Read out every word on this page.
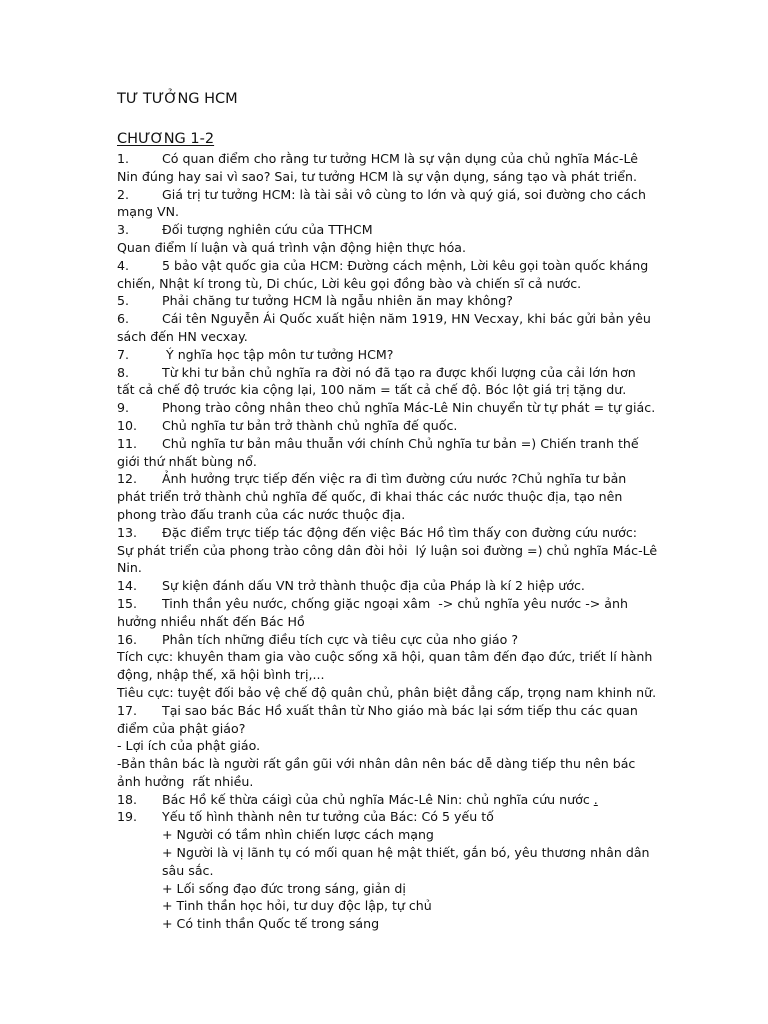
TƯ TƯỞNG HCM
CHƯƠNG 1-2
1.	Có quan điểm cho rằng tư tưởng HCM là sự vận dụng của chủ nghĩa Mác-Lê
Nin đúng hay sai vì sao? Sai, tư tưởng HCM là sự vận dụng, sáng tạo và phát triển.
2.	Giá trị tư tưởng HCM: là tài sải vô cùng to lớn và quý giá, soi đường cho cách
mạng VN.
3.	Đối tượng nghiên cứu của TTHCM
Quan điểm lí luận và quá trình vận động hiện thực hóa.
4.	5 bảo vật quốc gia của HCM: Đường cách mệnh, Lời kêu gọi toàn quốc kháng
chiến, Nhật kí trong tù, Di chúc, Lời kêu gọi đồng bào và chiến sĩ cả nước.
5.	Phải chăng tư tưởng HCM là ngẫu nhiên ăn may không?
6.	Cái tên Nguyễn Ái Quốc xuất hiện năm 1919, HN Vecxay, khi bác gửi bản yêu
sách đến HN vecxay.
7.	Ý nghĩa học tập môn tư tưởng HCM?
8.	Từ khi tư bản chủ nghĩa ra đời nó đã tạo ra được khối lượng của cải lớn hơn
tất cả chế độ trước kia cộng lại, 100 năm = tất cả chế độ. Bóc lột giá trị tặng dư.
9.	Phong trào công nhân theo chủ nghĩa Mác-Lê Nin chuyển từ tự phát = tự giác.
10. Chủ nghĩa tư bản trở thành chủ nghĩa đế quốc.
11. Chủ nghĩa tư bản mâu thuẫn với chính Chủ nghĩa tư bản =) Chiến tranh thế
giới thứ nhất bùng nổ.
12. Ảnh hưởng trực tiếp đến việc ra đi tìm đường cứu nước ?Chủ nghĩa tư bản
phát triển trở thành chủ nghĩa đế quốc, đi khai thác các nước thuộc địa, tạo nên
phong trào đấu tranh của các nước thuộc địa.
13. Đặc điểm trực tiếp tác động đến việc Bác Hồ tìm thấy con đường cứu nước:
Sự phát triển của phong trào công dân đòi hỏi  lý luận soi đường =) chủ nghĩa Mác-Lê
Nin.
14. Sự kiện đánh dấu VN trở thành thuộc địa của Pháp là kí 2 hiệp ước.
15. Tinh thần yêu nước, chống giặc ngoại xâm  -> chủ nghĩa yêu nước -> ảnh
hưởng nhiều nhất đến Bác Hồ
16. Phân tích những điều tích cực và tiêu cực của nho giáo ?
Tích cực: khuyên tham gia vào cuộc sống xã hội, quan tâm đến đạo đức, triết lí hành
động, nhập thế, xã hội bình trị,...
Tiêu cực: tuyệt đối bảo vệ chế độ quân chủ, phân biệt đẳng cấp, trọng nam khinh nữ.
17. Tại sao bác Bác Hồ xuất thân từ Nho giáo mà bác lại sớm tiếp thu các quan
điểm của phật giáo?
- Lợi ích của phật giáo.
-Bản thân bác là người rất gần gũi với nhân dân nên bác dễ dàng tiếp thu nên bác
ảnh hưởng  rất nhiều.
18. Bác Hồ kế thừa cáigì của chủ nghĩa Mác-Lê Nin: chủ nghĩa cứu nước .
19. Yếu tố hình thành nên tư tưởng của Bác: Có 5 yếu tố
+ Người có tầm nhìn chiến lược cách mạng
+ Người là vị lãnh tụ có mối quan hệ mật thiết, gắn bó, yêu thương nhân dân
sâu sắc.
+ Lối sống đạo đức trong sáng, giản dị
+ Tinh thần học hỏi, tư duy độc lập, tự chủ
+ Có tinh thần Quốc tế trong sáng
